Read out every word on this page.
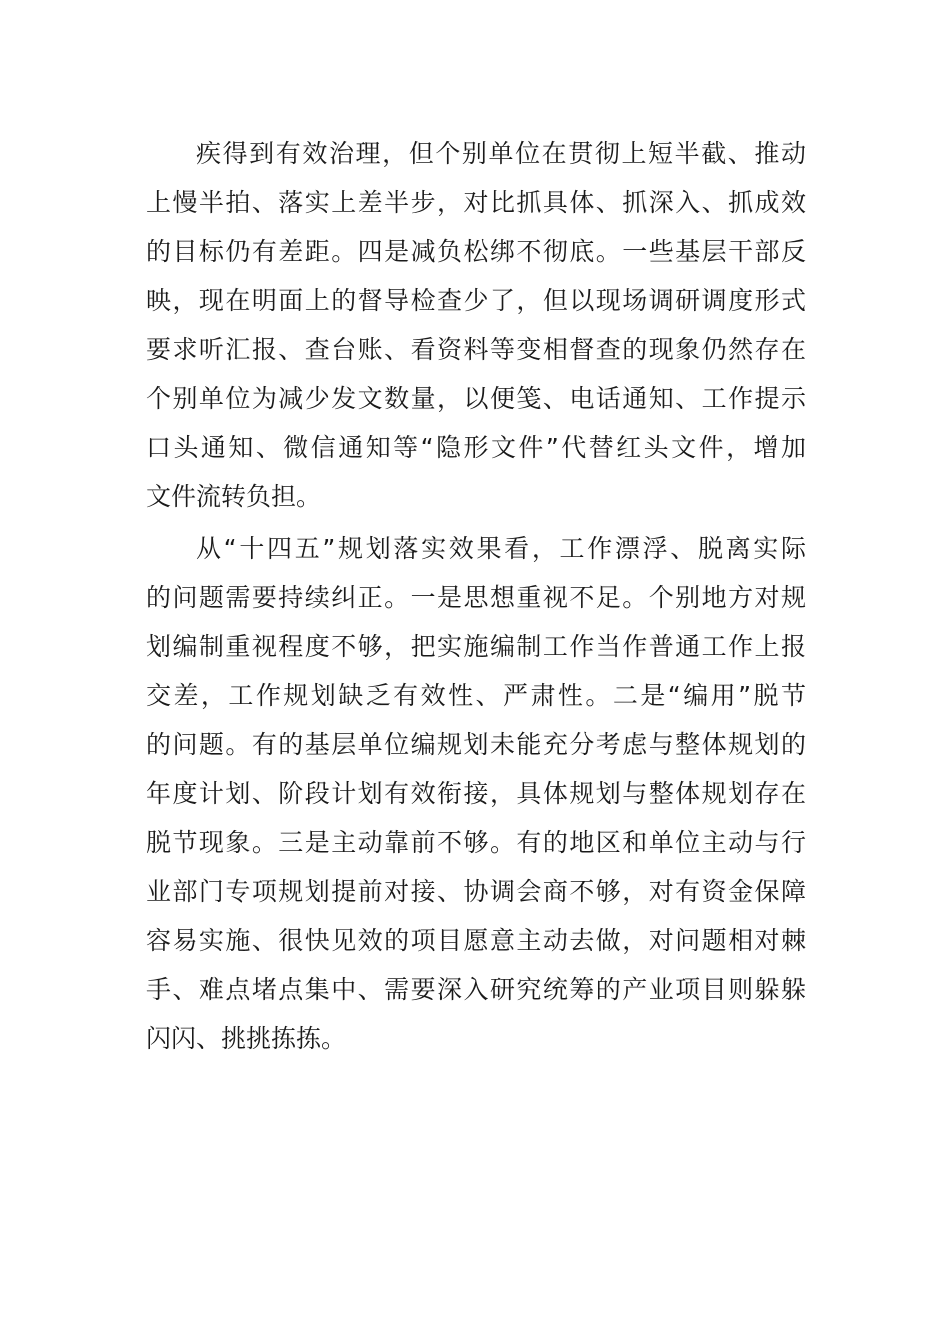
疾得到有效治理，但个别单位在贯彻上短半截、推动
上慢半拍、落实上差半步，对比抓具体、抓深入、抓成效
的目标仍有差距。四是减负松绑不彻底。一些基层干部反
映，现在明面上的督导检查少了，但以现场调研调度形式
要求听汇报、查台账、看资料等变相督查的现象仍然存在
个别单位为减少发文数量，以便笺、电话通知、工作提示
口头通知、微信通知等“隐形文件”代替红头文件，增加
文件流转负担。
从“十四五”规划落实效果看，工作漂浮、脱离实际
的问题需要持续纠正。一是思想重视不足。个别地方对规
划编制重视程度不够，把实施编制工作当作普通工作上报
交差，工作规划缺乏有效性、严肃性。二是“编用”脱节
的问题。有的基层单位编规划未能充分考虑与整体规划的
年度计划、阶段计划有效衔接，具体规划与整体规划存在
脱节现象。三是主动靠前不够。有的地区和单位主动与行
业部门专项规划提前对接、协调会商不够，对有资金保障
容易实施、很快见效的项目愿意主动去做，对问题相对棘
手、难点堵点集中、需要深入研究统筹的产业项目则躲躲
闪闪、挑挑拣拣。
